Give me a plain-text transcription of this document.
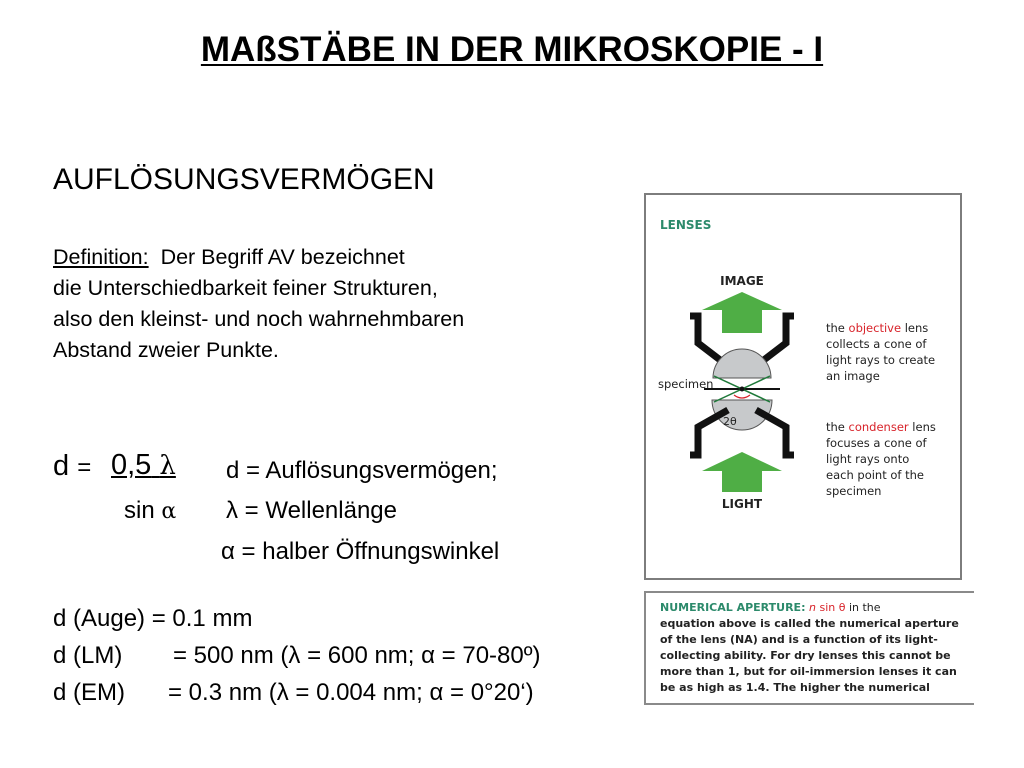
MAßSTÄBE IN DER MIKROSKOPIE - I
AUFLÖSUNGSVERMÖGEN
Definition: Der Begriff AV bezeichnet
die Unterschiedbarkeit feiner Strukturen,
also den kleinst- und noch wahrnehmbaren
Abstand zweier Punkte.
d = 0,5 λ
sin α
d = Auflösungsvermögen;
λ = Wellenlänge
α = halber Öffnungswinkel
d (Auge) = 0.1 mm
d (LM) = 500 nm (λ = 600 nm; α = 70-80º)
d (EM) = 0.3 nm (λ = 0.004 nm; α = 0°20‘)
LENSES
IMAGE
specimen
2θ
LIGHT
the objective lens
collects a cone of
light rays to create
an image
the condenser lens
focuses a cone of
light rays onto
each point of the
specimen
NUMERICAL APERTURE: n sin θ in the
equation above is called the numerical aperture
of the lens (NA) and is a function of its light-
collecting ability. For dry lenses this cannot be
more than 1, but for oil-immersion lenses it can
be as high as 1.4. The higher the numerical
